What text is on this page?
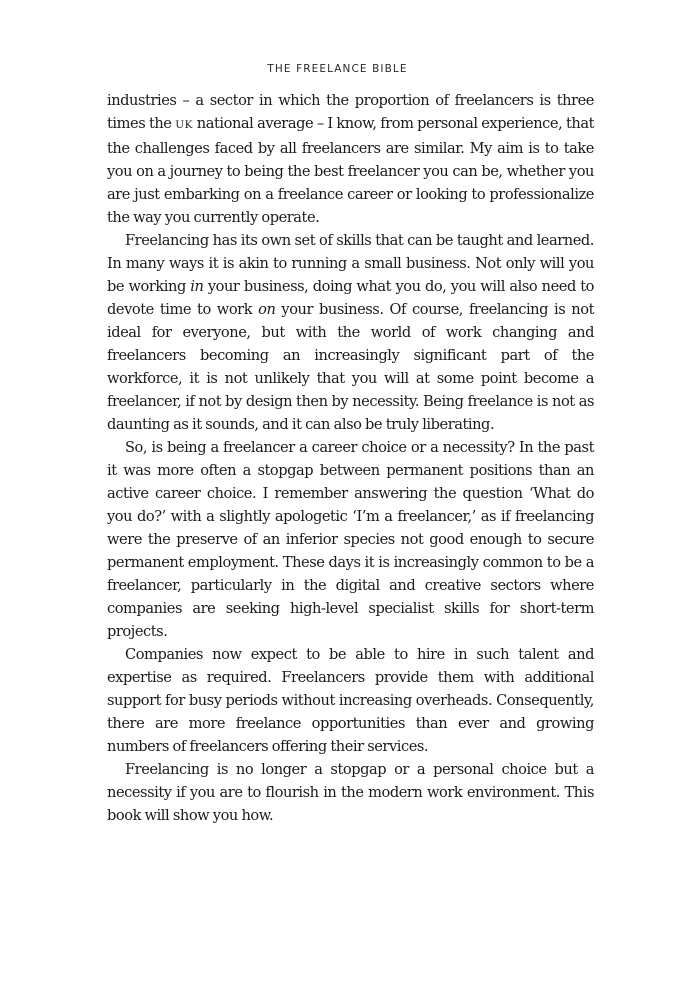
THE FREELANCE BIBLE

industries – a sector in which the proportion of freelancers is three times the UK national average – I know, from personal experience, that the challenges faced by all freelancers are similar. My aim is to take you on a journey to being the best freelancer you can be, whether you are just embarking on a freelance career or looking to professionalize the way you currently operate.

Freelancing has its own set of skills that can be taught and learned. In many ways it is akin to running a small business. Not only will you be working in your business, doing what you do, you will also need to devote time to work on your business. Of course, freelancing is not ideal for everyone, but with the world of work changing and freelancers becoming an increasingly significant part of the workforce, it is not unlikely that you will at some point become a freelancer, if not by design then by necessity. Being freelance is not as daunting as it sounds, and it can also be truly liberating.

So, is being a freelancer a career choice or a necessity? In the past it was more often a stopgap between permanent positions than an active career choice. I remember answering the question ‘What do you do?’ with a slightly apologetic ‘I’m a freelancer,’ as if freelancing were the preserve of an inferior species not good enough to secure permanent employment. These days it is increasingly common to be a freelancer, particularly in the digital and creative sectors where companies are seeking high-level specialist skills for short-term projects.

Companies now expect to be able to hire in such talent and expertise as required. Freelancers provide them with additional support for busy periods without increasing overheads. Consequently, there are more freelance opportunities than ever and growing numbers of freelancers offering their services.

Freelancing is no longer a stopgap or a personal choice but a necessity if you are to flourish in the modern work environment. This book will show you how.
